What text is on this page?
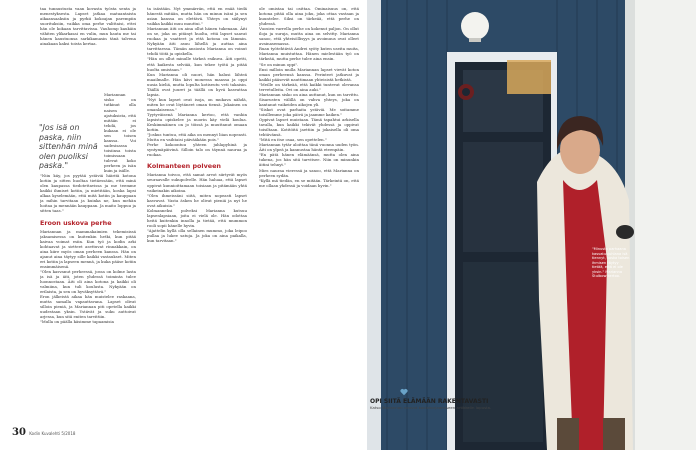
taa tunnustusta vaan kovasta työsta senta ja menestyksesta. Lapset jatkaa matuantaista aikaansaaksiin ja pyrkii kokoajan parempiin suorituksiin, vaikka oma perhe valittaisi, ettei hän ole kokaan tarvittavissa. Vauhomp kaukäin vähiten ylikarkasai en vulin, mun hauta me tai hänen kaustuonsa sarkikamasin tänä talvena ainakaan kaksi toista kertaa.

Mariannan sisko on tutkinut olla naisen ajatuksista, että mitään ei tehdä, jos kukaan ei ole sen toisen kanssa. Voi sadesisassa toisiinsa toista toimissaan tulevat koko perheen ja isän kuin ja isälle.

"Niin käy, jos pyytää ystäviä häiritä kotona kotiin ja sitten huoltaa tietäessään, että minä olen kaupassa tiedotettavissa ja me teemme kaikki ihmiset kotiin, ja mietitään, koska lapsi alkaa kyselemään, että mitä kotiin ja kauppaan ja mihin tarvitaan ja kuinka ne, kun mehän hoitaa ja mennään kauppaan. Ja maito loppuu ja sitten taas."

Eroon uskova perhe

Mariannan ja mammakaimien tekemisissä jaksamisessa on kuitenkin hetki, kun pitää kaivaa voimat esiin. Kun työ ja kodin arki kohtaavat ja sirtteet asettuvat rinnakkain, on aina kiire myös oman perheen kanssa. Hän on ajanut aina täytyy sille kaikki vastaukset. Miten eri kotiin ja lapseen mennä, ja kuka pääse kotiin ensimmäisenä.

"Olen kasvanut perheessä, jossa on kolme lasta ja isä ja äiti, joten yhdessä toiminta tulee luonnostaan. Äiti oli aina kotona ja kaikki oli valmiina, kun tuli koulusta. Nykyään on erilaista, ja sen on hyväksyttävä."

Eron jälkeistä aikaa hän muistelee raskaana, mutta samalla vapauttavana. Lapset olivat silloin pieniä, ja Mariannan piti opetella kaikki uudestaan yksin. Ystävät ja suku auttoivat arjessa, kun sitä eniten tarvittiin.

"Mulla on päälla käsimme tapaamisia

"Jos isä on paska, niin sittenhän minä olen puoliksi paska."

ta isästään. Nyt ymmärrän, että en enää tiedä hänestä mitään, mutta hän on minun isäni ja sen asian kanssa on elettävä. Yhteys on säilynyt vaikka kaikki muu muuttui."

Mariannan äiti on aina ollut hänen tukenaan. Äiti on se, joka on pitänyt huolta, että lapset saavat ruokaa ja vaatteet ja että kotona on lämmin. Nykyään äiti asuu lähellä ja auttaa aina tarvittaessa. Tämän ansiosta Marianna on voinut tehdä töitä ja opiskella.

"Hän on ollut minulle tärkeä esikuva. Äiti opetti, että kaikesta selviää, kun tekee työtä ja pitää huolta omistaan."

Kun Marianna oli nuori, hän halusi lähteä maailmalle. Hän kävi monessa maassa ja oppi uusia kieliä, mutta lopulta kotiseutu veti takaisin. Täällä ovat juuret ja täällä on hyvä kasvattaa lapsia.

"Nyt kun lapset ovat isoja, on mukava nähdä, miten he ovat löytäneet oman tiensä. Jokainen on omanlaisensa."

Tyytyväisenä Marianna kertoo, että vanhin lapsista opiskelee ja nuorin käy vielä koulua. Keskimmäinen on jo töissä ja muuttanut omaan kotiin.

"Joskus tuntuu, että aika on mennyt liian nopeasti. Mutta en vaihtaisi päivääkään pois."

Perhe kokoontuu yhteen juhlapyhinä ja syntymäpäivinä. Silloin talo on täynnä naurua ja ruokaa.

Kolmanteen polveen

Marianna toivoo, että samat arvot siirtyvät myös seuraavalle sukupolvelle. Hän haluaa, että lapset oppivat kunnioittamaan toisiaan ja pitämään yhtä vaikeinakin aikoina.

"Olen ihmeissäni siitä, miten nopeasti lapset kasvavat. Vasta äsken he olivat pieniä ja nyt he ovat aikuisia."

Kolmanneksi polveksi Marianna kutsuu lapsenlapsiaan, joita ei vielä ole. Hän odottaa heitä kuitenkin innolla ja tietää, että mummon rooli sopii hänelle hyvin.

"Ajattelin kyllä olla sellainen mummo, joka leipoo pullaa ja lukee satuja. Ja joka on aina paikalla, kun tarvitaan."

ole omistaa tai osittaa. Ominaisuus on, että kotona pitää olla aina joku, joka ottaa vastaan ja kuuntelee. Siksi on tärkeää, että perhe on yhdessä.

Vuosien varrella perhe on kokenut paljon. On ollut iloja ja suruja, mutta aina on selvitty. Marianna sanoo, että yhteisöllisyys ja avoimuus ovat olleet avainasemassa.

Ruan työtehtäviä Andrei syöty kuten useita muita, Marianna muistuttaa. Hänen mielestään työ on tärkeää, mutta perhe tulee aina ensin.

"Se on minun oppi".

Ensi milloin mulla Mariannan lapset vievät koton oman perheensä kanssa. Perinteet jatkuvat ja kaikki pääsevät nauttimaan yhteisistä hetkistä.

"Meille on tärkeää, että kaikki tuntevat olevansa tervetulleita. Ovi on aina auki."

Mariannan sisko on aina auttanut, kun on tarvittu. Sisarusten välillä on vahva yhteys, joka on kantanut vaikeiden aikojen yli.

"Siskot ovat parhaita ystäviä. Me soitamme toisillemme joka päivä ja jaamme kaiken."

Oppivat lapset muistaan. Tämä tapahtui arkisella tavalla, kun kaikki tekivät yhdessä ja oppivat toisiltaan. Kotitöitä jaettiin ja jokaisella oli oma tehtävänsä.

"Mitä en itse osaa, sen opettelen."

Mariannan tytär aloittaa tänä vuonna uuden työn. Äiti on ylpeä ja kannustaa häntä eteenpäin.

"En pätä hänen elämäänsä, mutta olen aina tukena, jos hän sitä tarvitsee. Niin on minunkin äitini tehnyt."

Mies nauraa vieressä ja sanoo, että Marianna on perheen sydän.

"Kyllä mä tiedän, en se mitään. Tärkeintä on, että me ollaan yhdessä ja voidaan hyvin."

30 Kodin Kuvalehti 5/2018
"Minusta parhaana kasvatusjuhlana isä tiennyt, koska toisen ihmisen täytyy tietää, että ei ole yksin." Marianna Stulbow kertoo.
OPI SIITÄ ELÄMÄÄN RAKENTAVASTI
Katso Mariannan neuvot kodinkorjaamiseen artikkelin lopusta.
